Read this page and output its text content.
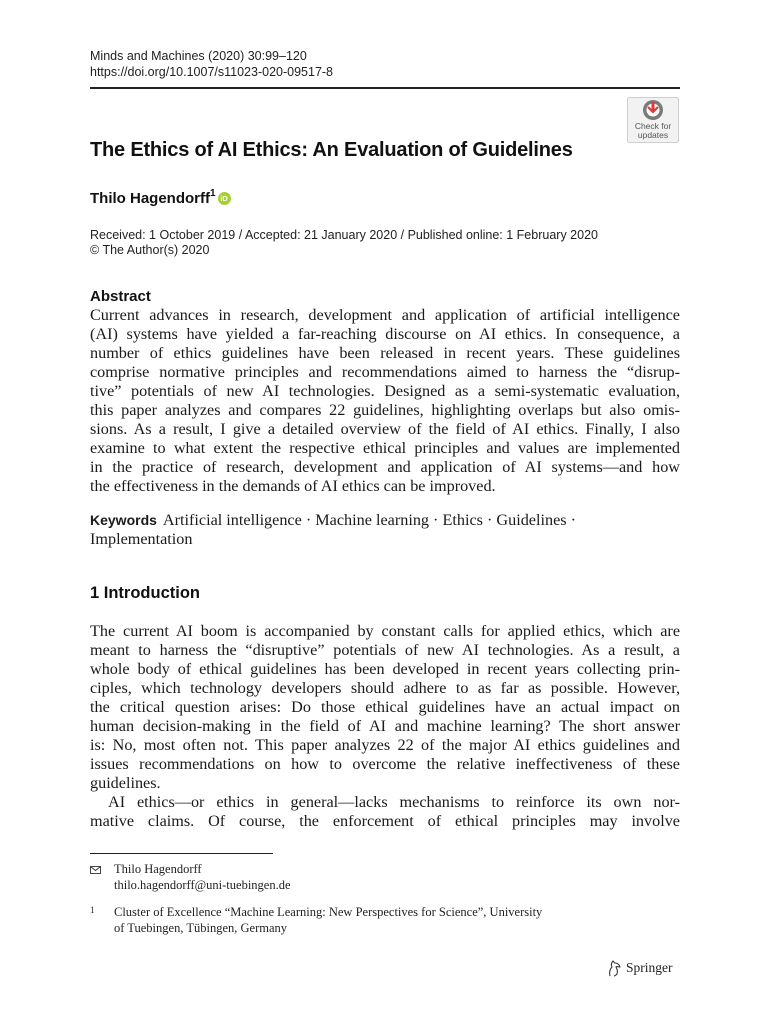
Minds and Machines (2020) 30:99–120
https://doi.org/10.1007/s11023-020-09517-8
Check for
updates
The Ethics of AI Ethics: An Evaluation of Guidelines
Thilo Hagendorff$^1$ iD
Received: 1 October 2019 / Accepted: 21 January 2020 / Published online: 1 February 2020
© The Author(s) 2020
Abstract
Current advances in research, development and application of artificial intelligence
(AI) systems have yielded a far-reaching discourse on AI ethics. In consequence, a
number of ethics guidelines have been released in recent years. These guidelines
comprise normative principles and recommendations aimed to harness the “disrup-
tive” potentials of new AI technologies. Designed as a semi-systematic evaluation,
this paper analyzes and compares 22 guidelines, highlighting overlaps but also omis-
sions. As a result, I give a detailed overview of the field of AI ethics. Finally, I also
examine to what extent the respective ethical principles and values are implemented
in the practice of research, development and application of AI systems—and how
the effectiveness in the demands of AI ethics can be improved.
Keywords Artificial intelligence · Machine learning · Ethics · Guidelines ·
Implementation
1 Introduction
The current AI boom is accompanied by constant calls for applied ethics, which are
meant to harness the “disruptive” potentials of new AI technologies. As a result, a
whole body of ethical guidelines has been developed in recent years collecting prin-
ciples, which technology developers should adhere to as far as possible. However,
the critical question arises: Do those ethical guidelines have an actual impact on
human decision-making in the field of AI and machine learning? The short answer
is: No, most often not. This paper analyzes 22 of the major AI ethics guidelines and
issues recommendations on how to overcome the relative ineffectiveness of these
guidelines.
AI ethics—or ethics in general—lacks mechanisms to reinforce its own nor-
mative claims. Of course, the enforcement of ethical principles may involve
Thilo Hagendorff
thilo.hagendorff@uni-tuebingen.de
1	Cluster of Excellence “Machine Learning: New Perspectives for Science”, University
of Tuebingen, Tübingen, Germany
Springer
